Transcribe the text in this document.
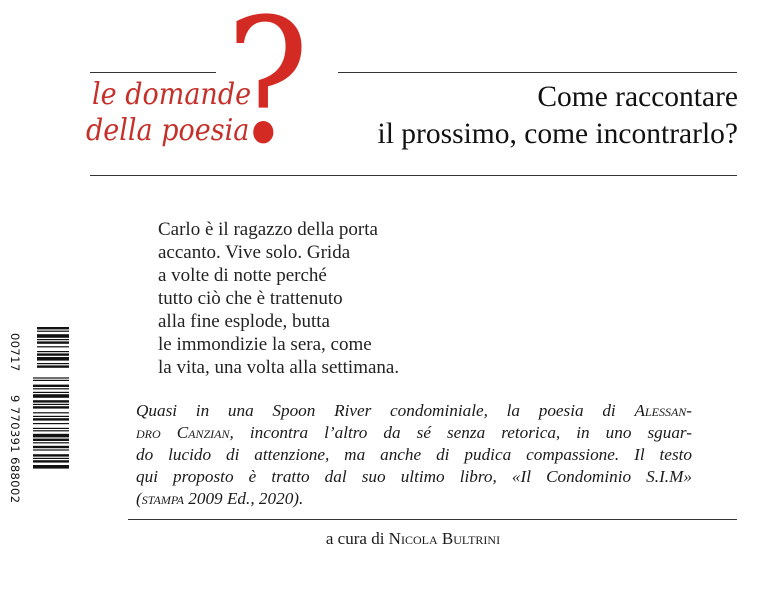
?
le domande
della poesia
Come raccontare
il prossimo, come incontrarlo?
Carlo è il ragazzo della porta
accanto. Vive solo. Grida
a volte di notte perché
tutto ciò che è trattenuto
alla fine esplode, butta
le immondizie la sera, come
la vita, una volta alla settimana.
Quasi in una Spoon River condominiale, la poesia di Alessan-
dro Canzian, incontra l’altro da sé senza retorica, in uno sguar-
do lucido di attenzione, ma anche di pudica compassione. Il testo
qui proposto è tratto dal suo ultimo libro, «Il Condominio S.I.M»
(stampa 2009 Ed., 2020).
a cura di Nicola Bultrini
00717
9 770391 688002
